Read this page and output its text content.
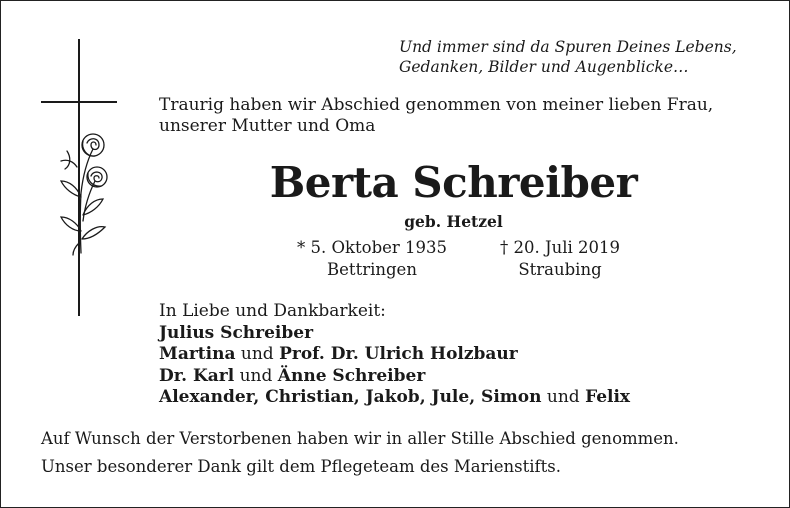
Und immer sind da Spuren Deines Lebens,
Gedanken, Bilder und Augenblicke…

Traurig haben wir Abschied genommen von meiner lieben Frau,
unserer Mutter und Oma

Berta Schreiber

geb. Hetzel

* 5. Oktober 1935
Bettringen
† 20. Juli 2019
Straubing
In Liebe und Dankbarkeit:
Julius Schreiber
Martina und Prof. Dr. Ulrich Holzbaur
Dr. Karl und Änne Schreiber
Alexander, Christian, Jakob, Jule, Simon und Felix

Auf Wunsch der Verstorbenen haben wir in aller Stille Abschied genommen.
Unser besonderer Dank gilt dem Pflegeteam des Marienstifts.
